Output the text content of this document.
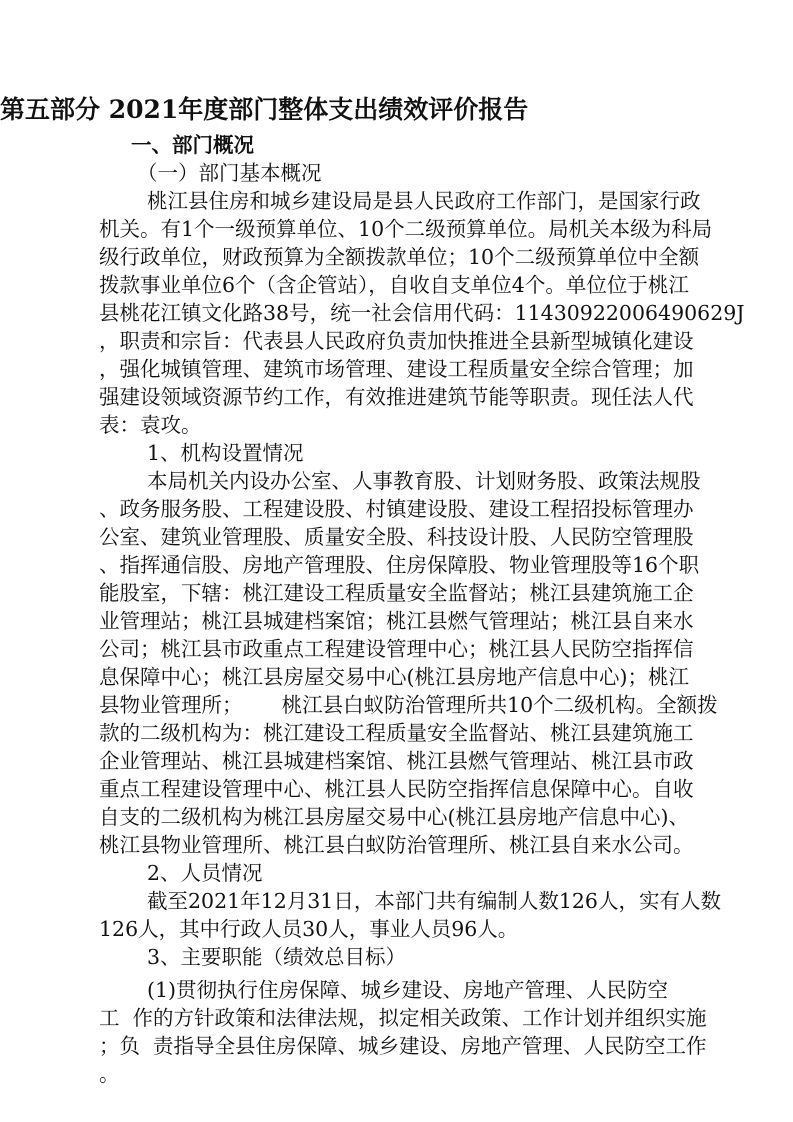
第五部分 2021年度部门整体支出绩效评价报告
一、部门概况
（一）部门基本概况
桃江县住房和城乡建设局是县人民政府工作部门，是国家行政
机关。有1个一级预算单位、10个二级预算单位。局机关本级为科局
级行政单位，财政预算为全额拨款单位；10个二级预算单位中全额
拨款事业单位6个（含企管站），自收自支单位4个。单位位于桃江
县桃花江镇文化路38号，统一社会信用代码：11430922006490629J
，职责和宗旨：代表县人民政府负责加快推进全县新型城镇化建设
，强化城镇管理、建筑市场管理、建设工程质量安全综合管理；加
强建设领域资源节约工作，有效推进建筑节能等职责。现任法人代
表：袁攻。
1、机构设置情况
本局机关内设办公室、人事教育股、计划财务股、政策法规股
、政务服务股、工程建设股、村镇建设股、建设工程招投标管理办
公室、建筑业管理股、质量安全股、科技设计股、人民防空管理股
、指挥通信股、房地产管理股、住房保障股、物业管理股等16个职
能股室，下辖：桃江建设工程质量安全监督站；桃江县建筑施工企
业管理站；桃江县城建档案馆；桃江县燃气管理站；桃江县自来水
公司；桃江县市政重点工程建设管理中心；桃江县人民防空指挥信
息保障中心；桃江县房屋交易中心(桃江县房地产信息中心)；桃江
县物业管理所；      桃江县白蚁防治管理所共10个二级机构。全额拨
款的二级机构为：桃江建设工程质量安全监督站、桃江县建筑施工
企业管理站、桃江县城建档案馆、桃江县燃气管理站、桃江县市政
重点工程建设管理中心、桃江县人民防空指挥信息保障中心。自收
自支的二级机构为桃江县房屋交易中心(桃江县房地产信息中心)、
桃江县物业管理所、桃江县白蚁防治管理所、桃江县自来水公司。
2、人员情况
截至2021年12月31日，本部门共有编制人数126人，实有人数
126人，其中行政人员30人，事业人员96人。
3、主要职能（绩效总目标）
(1)贯彻执行住房保障、城乡建设、房地产管理、人民防空
工  作的方针政策和法律法规，拟定相关政策、工作计划并组织实施
；负  责指导全县住房保障、城乡建设、房地产管理、人民防空工作
。
